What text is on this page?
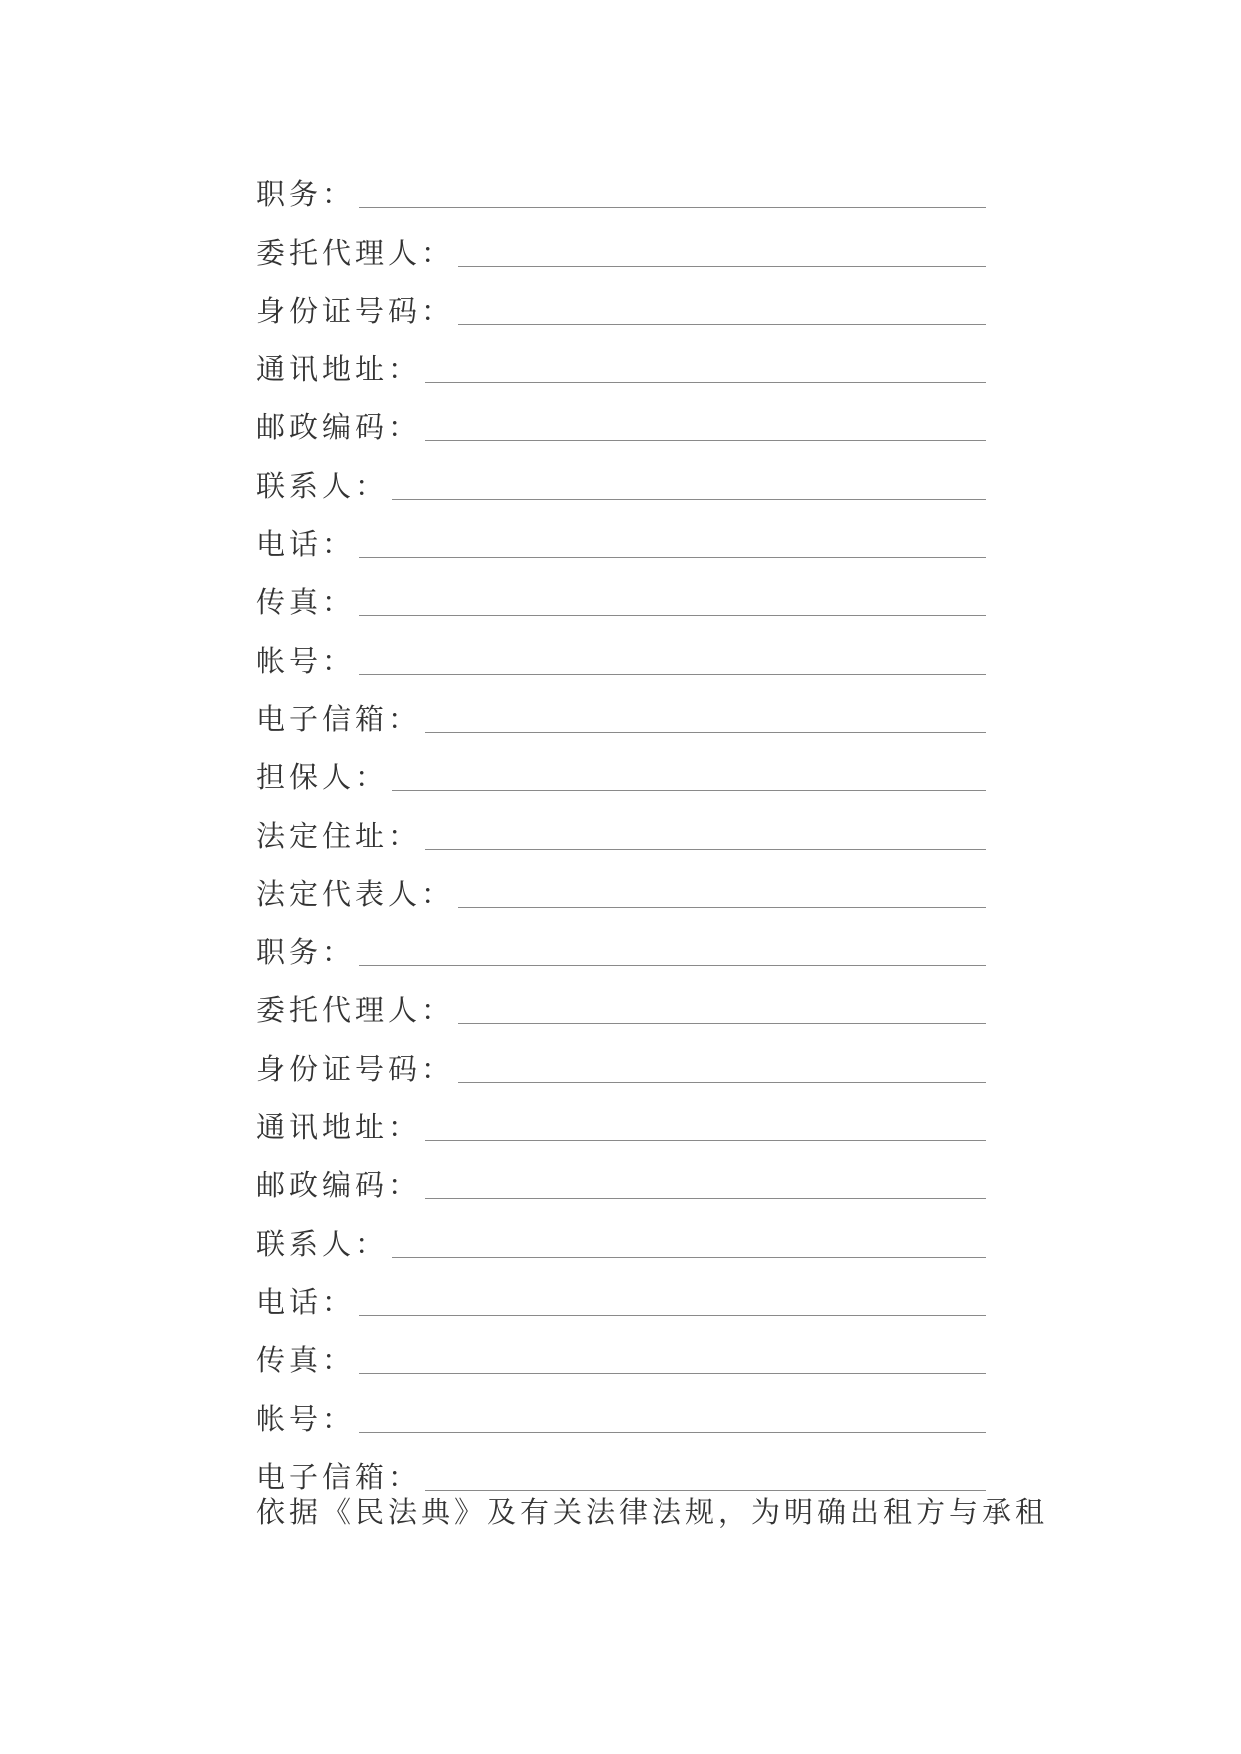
职务：
委托代理人：
身份证号码：
通讯地址：
邮政编码：
联系人：
电话：
传真：
帐号：
电子信箱：
担保人：
法定住址：
法定代表人：
职务：
委托代理人：
身份证号码：
通讯地址：
邮政编码：
联系人：
电话：
传真：
帐号：
电子信箱：
依据《民法典》及有关法律法规，为明确出租方与承租
